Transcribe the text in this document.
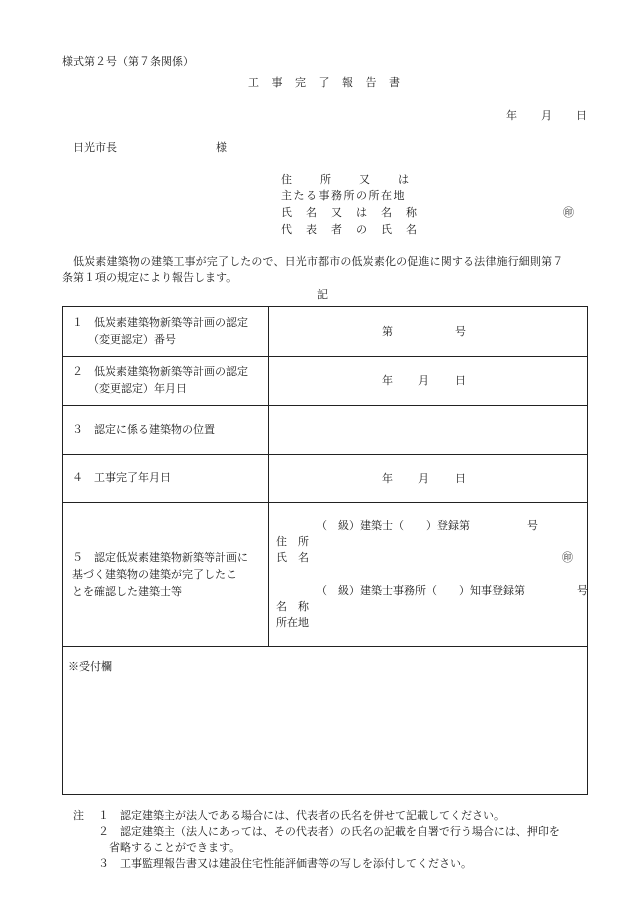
様式第２号（第７条関係）
工 事 完 了 報 告 書
年 月 日
日光市長	様
住	所	又	は
主たる事務所の所在地
氏 名 又 は 名 称	㊞
代 表 者 の 氏 名
低炭素建築物の建築工事が完了したので、日光市都市の低炭素化の促進に関する法律施行細則第７
条第１項の規定により報告します。
記
１　低炭素建築物新築等計画の認定
（変更認定）番号
第	号
２　低炭素建築物新築等計画の認定
（変更認定）年月日
年 月 日
３　認定に係る建築物の位置
４　工事完了年月日	年 月 日
５　認定低炭素建築物新築等計画に
基づく建築物の建築が完了したこ
とを確認した建築士等
（　級）建築士（　　）登録第	号
住　所
氏　名	㊞
（　級）建築士事務所（　　）知事登録第	号
名　称
所在地
※受付欄
注 １ 認定建築主が法人である場合には、代表者の氏名を併せて記載してください。
２ 認定建築主（法人にあっては、その代表者）の氏名の記載を自署で行う場合には、押印を
省略することができます。
３ 工事監理報告書又は建設住宅性能評価書等の写しを添付してください。
